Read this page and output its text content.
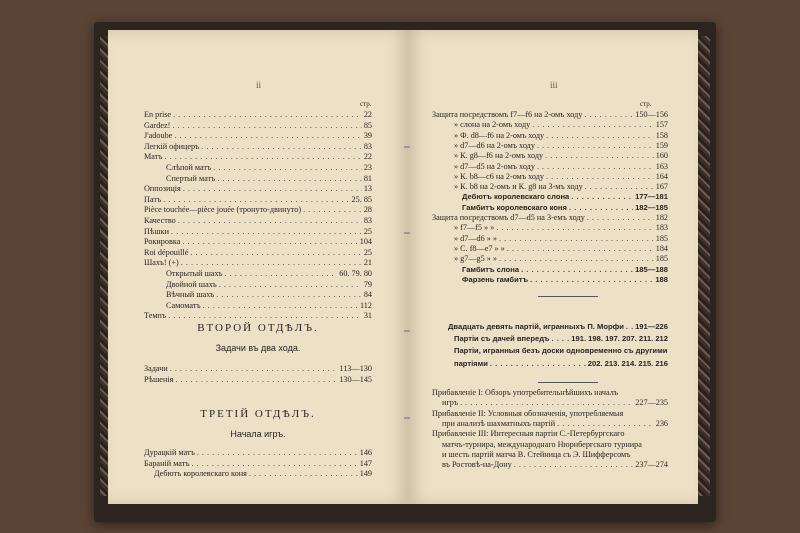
ii
стр.
En prise . . .	22
Gardez! . . .	85
J'adoube . . .	39
Легкій офицеръ . . .	83
Матъ . . .	22
Слѣпой матъ . . .	23
Спертый матъ . . .	81
Оппозиція . . .	13
Патъ . . .	25. 85
Pièce touchée—pièce jouée (тронуто-двинуто) . . .	28
Качество . . .	83
Пѣшки . . .	25
Рокировка . . .	104
Roi dépouillé . . .	25
Шахъ! (+) . . .	21
Открытый шахъ . . .	60. 79. 80
Двойной шахъ . . .	79
Вѣчный шахъ . . .	84
Самоматъ . . .	112
Темпъ . . .	31
ВТОРОЙ ОТДѢЛЪ.
Задачи въ два хода.
Задачи . . .	113—130
Рѣшенія . . .	130—145
ТРЕТІЙ ОТДѢЛЪ.
Начала игръ.
Дурацкій матъ . . .	146
Бараній матъ . . .	147
Дебютъ королевскаго коня . . .	149
iii
стр.
Защита посредствомъ f7—f6 на 2-омъ ходу . . .	150—156
» слона на 2-омъ ходу . . .	157
» Ф. d8—f6 на 2-омъ ходу . . .	158
» d7—d6 на 2-омъ ходу . . .	159
» К. g8—f6 на 2-омъ ходу . . .	160
» d7—d5 на 2-омъ ходу . . .	163
» К. b8—c6 на 2-омъ ходу . . .	164
» К. b8 на 2-омъ и К. g8 на 3-мъ ходу . . .	167
Дебютъ королевскаго слона . . .	177—181
Гамбитъ королевскаго коня . . .	182—185
Защита посредствомъ d7—d5 на 3-емъ ходу . . .	182
» f7—f5 » » . . .	183
» d7—d6 » » . . .	185
» С. f8—e7 » » . . .	184
» g7—g5 » » . . .	185
Гамбитъ слона . . .	185—188
Фарзень гамбитъ . . .	188
Двадцать девять партій, игранныхъ П. Морфи . . . 191—226
Партіи съ дачей впередъ . . .	191. 198. 197. 207. 211. 212
Партіи, игранныя безъ доски одновременно съ другими
партіями . . .	202. 213. 214. 215. 216
Прибавленіе I: Обзоръ употребительнѣйшихъ началъ
игръ . . .	227—235
Прибавленіе II: Условныя обозначенія, употребляемыя
при анализѣ шахматныхъ партій . . .	236
Прибавленіе III: Интересныя партіи С.-Петербургскаго
матчъ-турнира, международнаго Нюрнбергскаго турнира
и шесть партій матча В. Стейница съ Э. Шифферсомъ
въ Ростовѣ-на-Дону . . .	237—274
